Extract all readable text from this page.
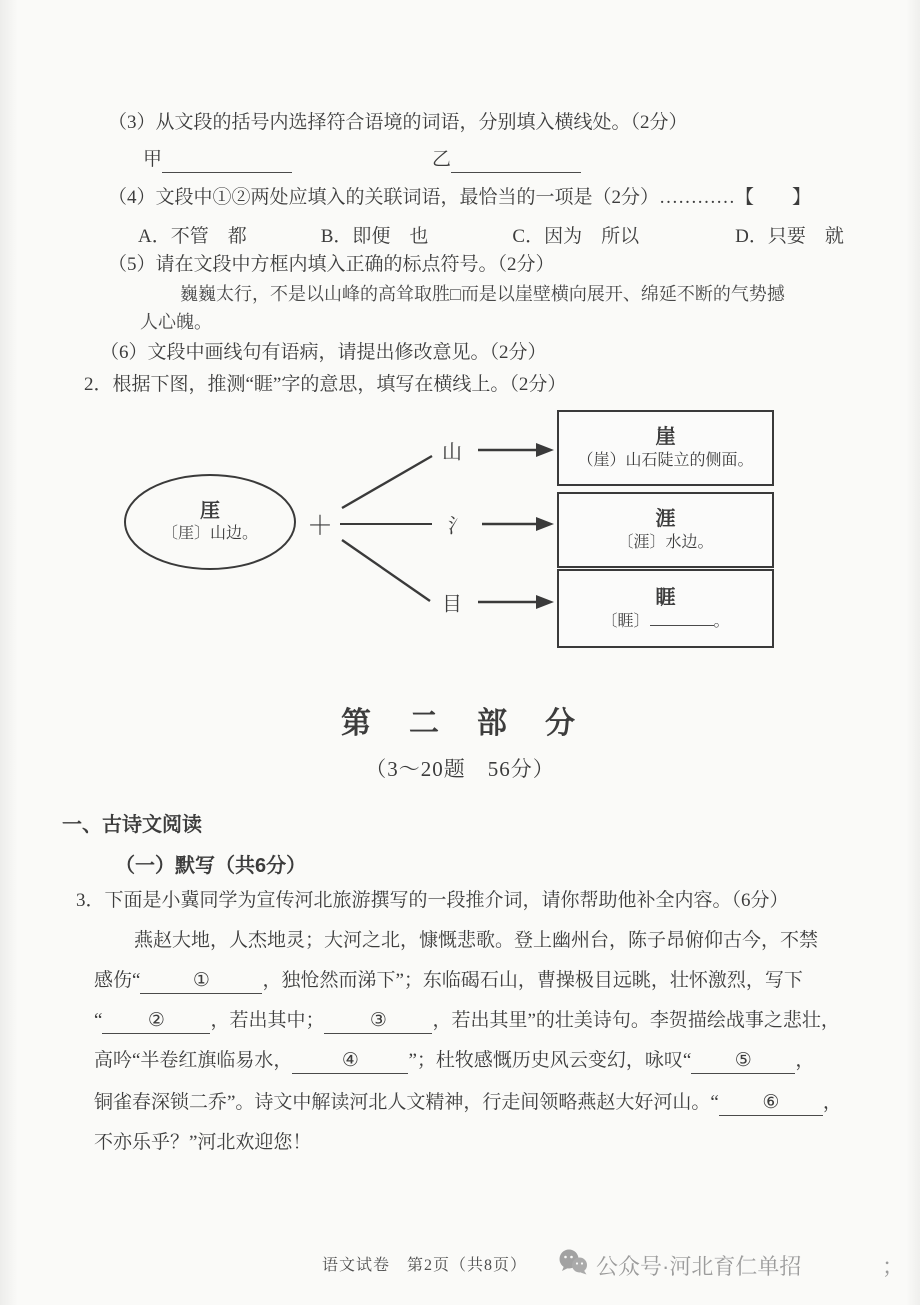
（3）从文段的括号内选择符合语境的词语，分别填入横线处。（2分）
甲	乙
（4）文段中①②两处应填入的关联词语，最恰当的一项是（2分）…………【　　】
A．不管　都	B．即便　也	C．因为　所以	D．只要　就
（5）请在文段中方框内填入正确的标点符号。（2分）
巍巍太行，不是以山峰的高耸取胜□而是以崖壁横向展开、绵延不断的气势撼
人心魄。
（6）文段中画线句有语病，请提出修改意见。（2分）
2．根据下图，推测“睚”字的意思，填写在横线上。（2分）
厓
〔厓〕山边。 ＋
山
氵
目
崖
（崖）山石陡立的侧面。
涯
〔涯〕水边。
睚
〔睚〕	。
第　二　部　分
（3～20题　56分）
一、古诗文阅读
（一）默写（共6分）
3．下面是小冀同学为宣传河北旅游撰写的一段推介词，请你帮助他补全内容。（6分）
燕赵大地，人杰地灵；大河之北，慷慨悲歌。登上幽州台，陈子昂俯仰古今，不禁
感伤“	①	，独怆然而涕下”；东临碣石山，曹操极目远眺，壮怀激烈，写下
“ ② ，若出其中； ③ ，若出其里”的壮美诗句。李贺描绘战事之悲壮，
高吟“半卷红旗临易水，	④	”；杜牧感慨历史风云变幻，咏叹“ ⑤ ，
铜雀春深锁二乔”。诗文中解读河北人文精神，行走间领略燕赵大好河山。“ ⑥ ，
不亦乐乎？”河北欢迎您！
语文试卷　第2页（共8页）	公众号·河北育仁单招	；
